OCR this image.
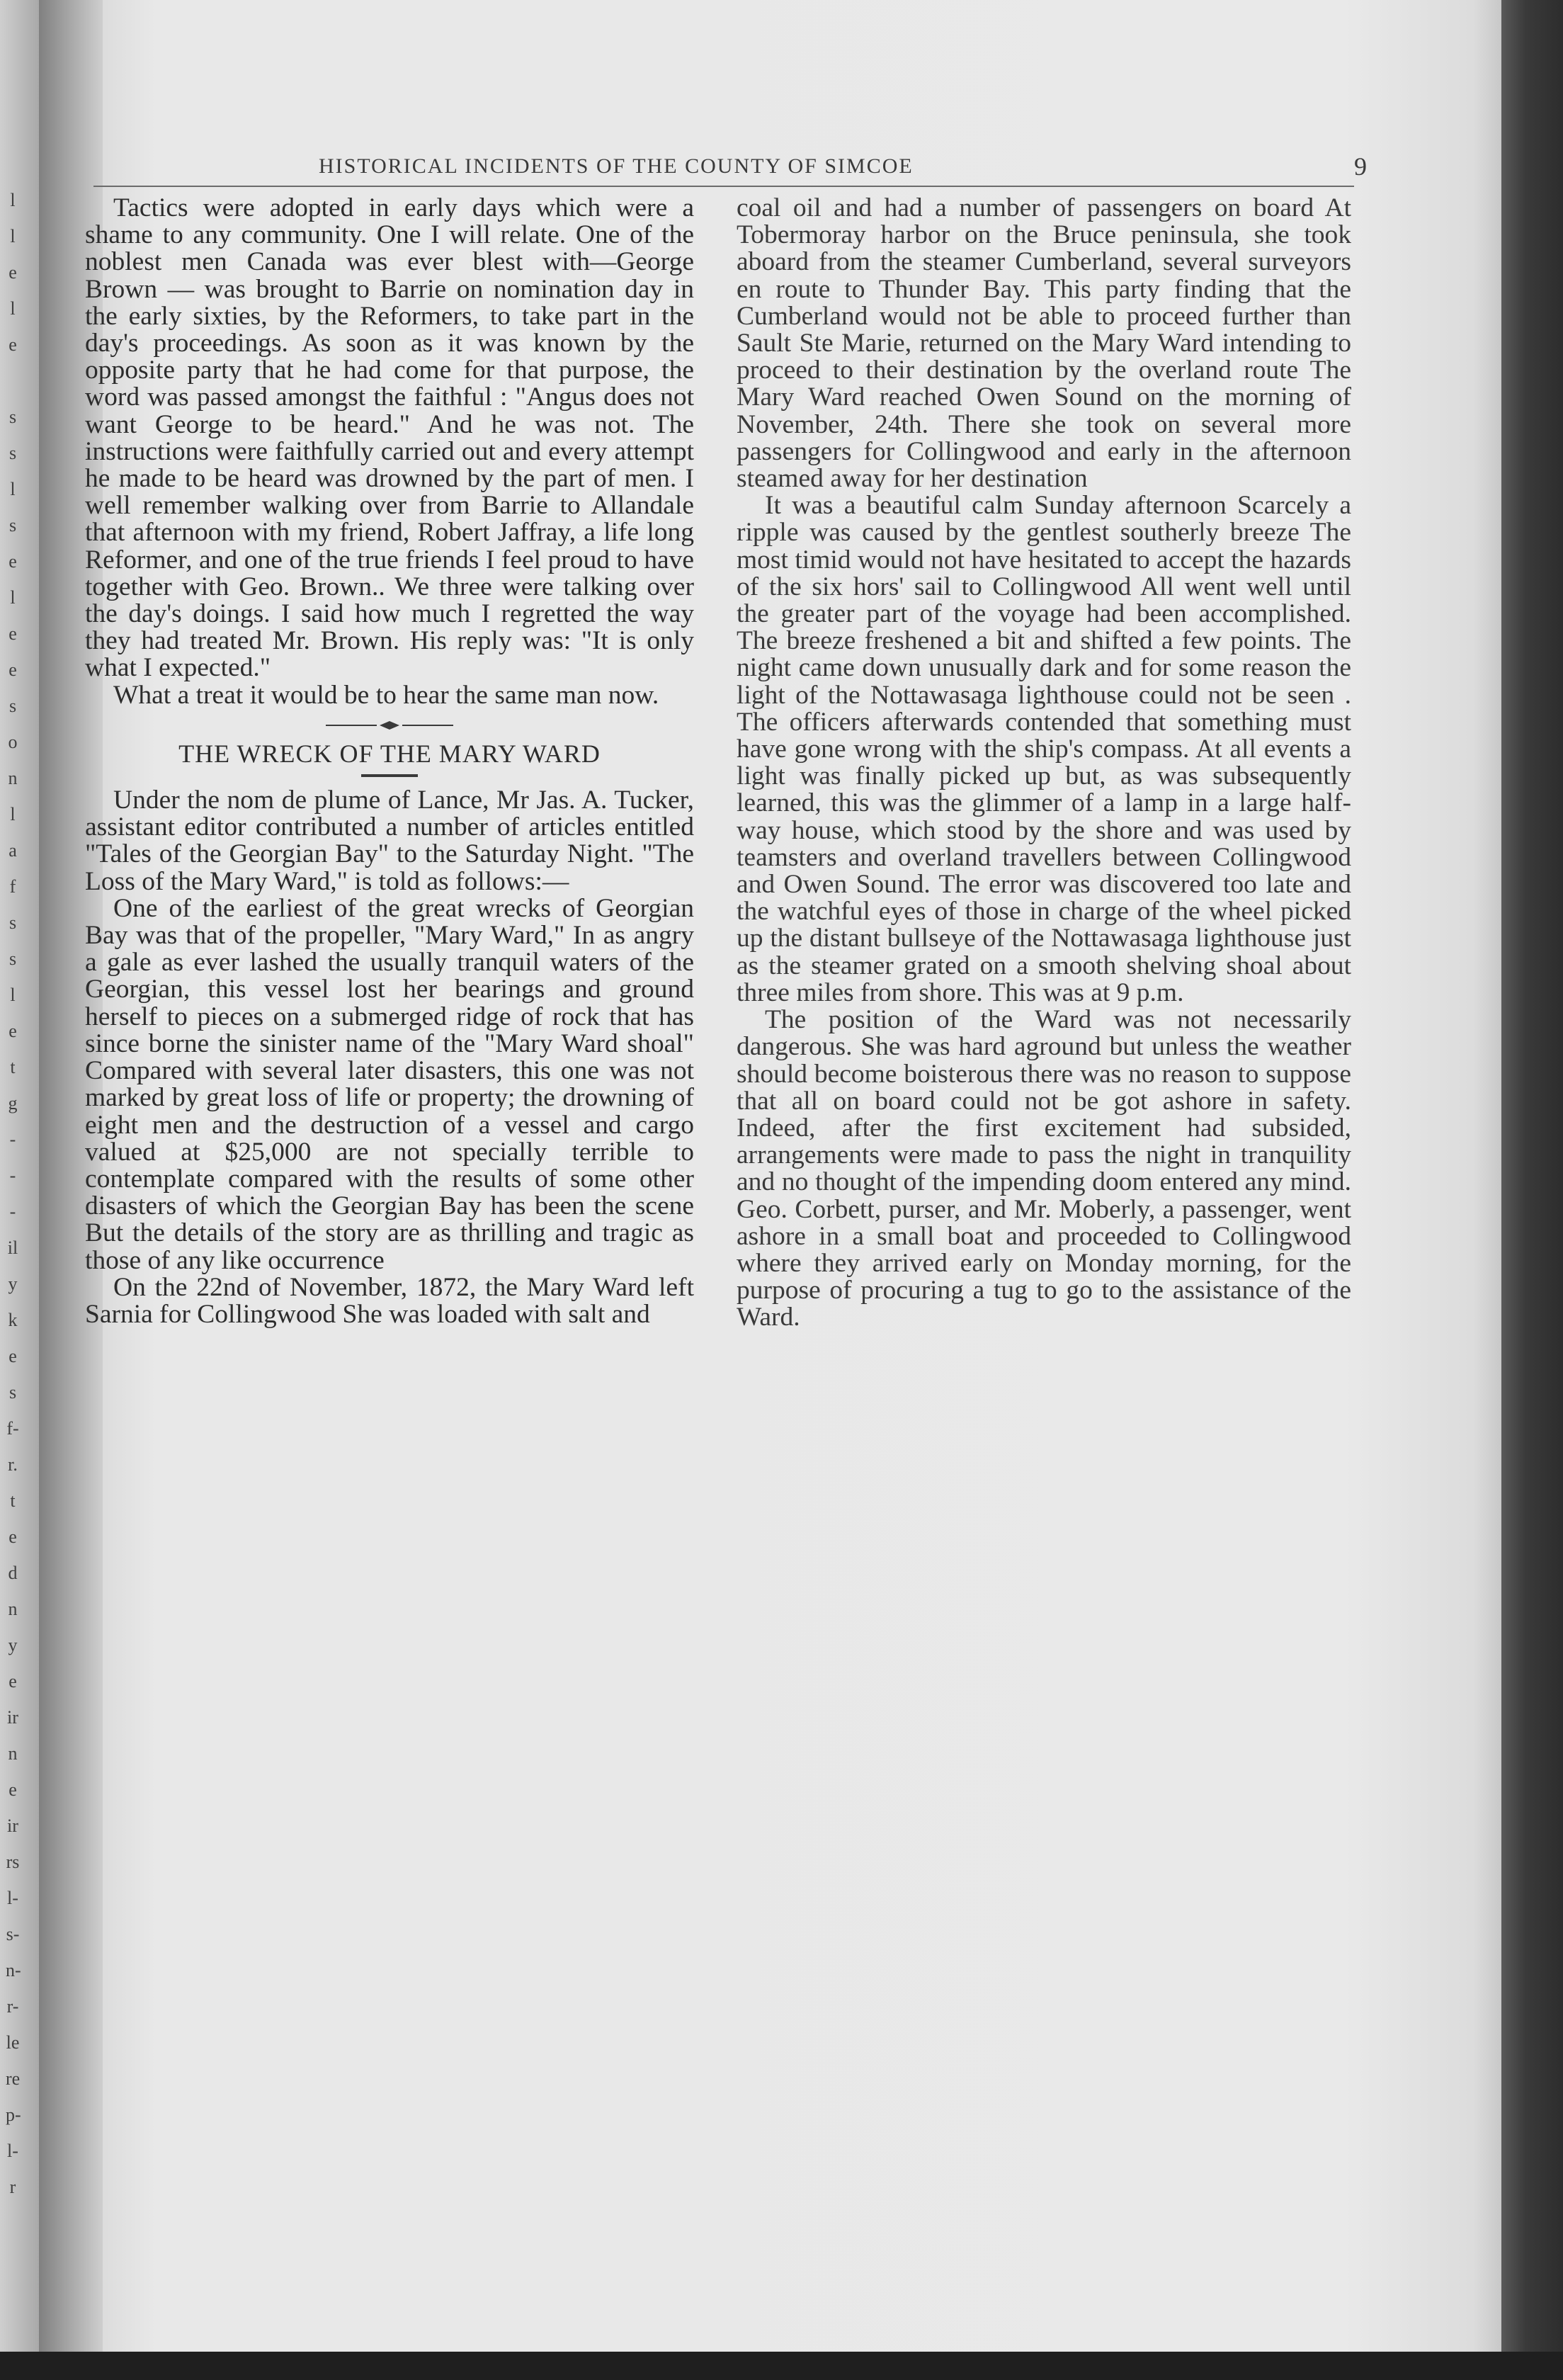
l
l
e
l
e
s
s
l
s
e
l
e
e
s
o
n
l
a
f
s
s
l
e
t
g
-
-
-
il
y
k
e
s
f-
r.
t
e
d
n
y
e
ir
n
e
ir
rs
l-
s-
n-
r-
le
re
p-
l-
r
HISTORICAL INCIDENTS OF THE COUNTY OF SIMCOE	9

Tactics were adopted in early days which were a shame to any community. One I will relate. One of the noblest men Canada was ever blest with—George Brown — was brought to Barrie on nomination day in the early sixties, by the Reformers, to take part in the day's proceedings. As soon as it was known by the opposite party that he had come for that purpose, the word was passed amongst the faithful : "Angus does not want George to be heard." And he was not. The instructions were faithfully carried out and every attempt he made to be heard was drowned by the part of men. I well remember walking over from Barrie to Allandale that afternoon with my friend, Robert Jaffray, a life long Reformer, and one of the true friends I feel proud to have together with Geo. Brown.. We three were talking over the day's doings. I said how much I regretted the way they had treated Mr. Brown. His reply was: "It is only what I expected."

What a treat it would be to hear the same man now.

THE WRECK OF THE MARY WARD

Under the nom de plume of Lance, Mr Jas. A. Tucker, assistant editor contributed a number of articles entitled "Tales of the Georgian Bay" to the Saturday Night. "The Loss of the Mary Ward," is told as follows:—

One of the earliest of the great wrecks of Georgian Bay was that of the propeller, "Mary Ward," In as angry a gale as ever lashed the usually tranquil waters of the Georgian, this vessel lost her bearings and ground herself to pieces on a submerged ridge of rock that has since borne the sinister name of the "Mary Ward shoal" Compared with several later disasters, this one was not marked by great loss of life or property; the drowning of eight men and the destruction of a vessel and cargo valued at $25,000 are not specially terrible to contemplate compared with the results of some other disasters of which the Georgian Bay has been the scene But the details of the story are as thrilling and tragic as those of any like occurrence

On the 22nd of November, 1872, the Mary Ward left Sarnia for Collingwood She was loaded with salt and

coal oil and had a number of passengers on board At Tobermoray harbor on the Bruce peninsula, she took aboard from the steamer Cumberland, several surveyors en route to Thunder Bay. This party finding that the Cumberland would not be able to proceed further than Sault Ste Marie, returned on the Mary Ward intending to proceed to their destination by the overland route The Mary Ward reached Owen Sound on the morning of November, 24th. There she took on several more passengers for Collingwood and early in the afternoon steamed away for her destination

It was a beautiful calm Sunday afternoon Scarcely a ripple was caused by the gentlest southerly breeze The most timid would not have hesitated to accept the hazards of the six hors' sail to Collingwood All went well until the greater part of the voyage had been accomplished. The breeze freshened a bit and shifted a few points. The night came down unusually dark and for some reason the light of the Nottawasaga lighthouse could not be seen . The officers afterwards contended that something must have gone wrong with the ship's compass. At all events a light was finally picked up but, as was subsequently learned, this was the glimmer of a lamp in a large half-way house, which stood by the shore and was used by teamsters and overland travellers between Collingwood and Owen Sound. The error was discovered too late and the watchful eyes of those in charge of the wheel picked up the distant bullseye of the Nottawasaga lighthouse just as the steamer grated on a smooth shelving shoal about three miles from shore. This was at 9 p.m.

The position of the Ward was not necessarily dangerous. She was hard aground but unless the weather should become boisterous there was no reason to suppose that all on board could not be got ashore in safety. Indeed, after the first excitement had subsided, arrangements were made to pass the night in tranquility and no thought of the impending doom entered any mind. Geo. Corbett, purser, and Mr. Moberly, a passenger, went ashore in a small boat and proceeded to Collingwood where they arrived early on Monday morning, for the purpose of procuring a tug to go to the assistance of the Ward.
